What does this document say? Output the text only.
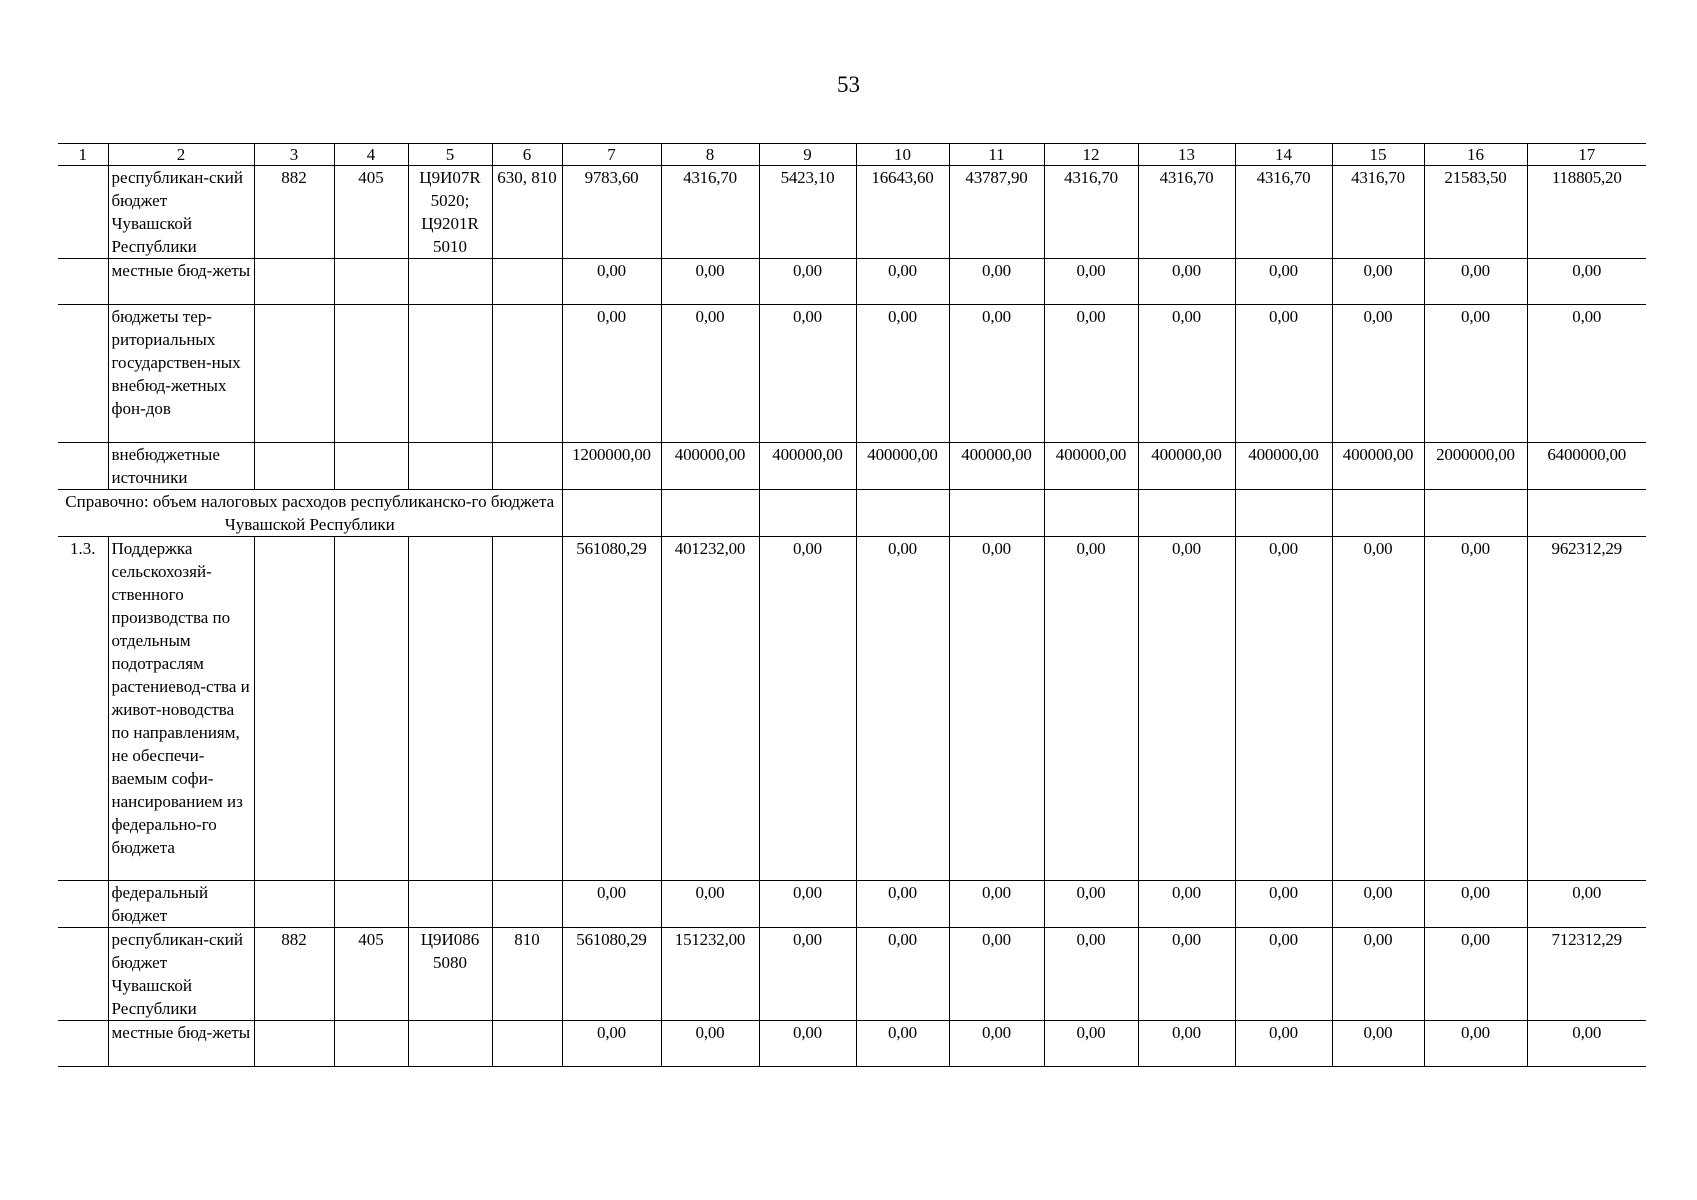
53
1	2	3	4	5	6	7	8	9	10	11	12	13	14	15	16	17
	республикан-ский бюджет Чувашской Республики	882	405	Ц9И07R 5020; Ц9201R 5010	630, 810	9783,60	4316,70	5423,10	16643,60	43787,90	4316,70	4316,70	4316,70	4316,70	21583,50	118805,20
	местные бюд-жеты					0,00	0,00	0,00	0,00	0,00	0,00	0,00	0,00	0,00	0,00	0,00
	бюджеты тер-риториальных государствен-ных внебюд-жетных фон-дов					0,00	0,00	0,00	0,00	0,00	0,00	0,00	0,00	0,00	0,00	0,00
	внебюджетные источники					1200000,00	400000,00	400000,00	400000,00	400000,00	400000,00	400000,00	400000,00	400000,00	2000000,00	6400000,00
Справочно: объем налоговых расходов республиканско-го бюджета Чувашской Республики																
1.3.	Поддержка сельскохозяй-ственного производства по отдельным подотраслям растениевод-ства и живот-новодства по направлениям, не обеспечи-ваемым софи-нансированием из федерально-го бюджета					561080,29	401232,00	0,00	0,00	0,00	0,00	0,00	0,00	0,00	0,00	962312,29
	федеральный бюджет					0,00	0,00	0,00	0,00	0,00	0,00	0,00	0,00	0,00	0,00	0,00
	республикан-ский бюджет Чувашской Республики	882	405	Ц9И086 5080	810	561080,29	151232,00	0,00	0,00	0,00	0,00	0,00	0,00	0,00	0,00	712312,29
	местные бюд-жеты					0,00	0,00	0,00	0,00	0,00	0,00	0,00	0,00	0,00	0,00	0,00
